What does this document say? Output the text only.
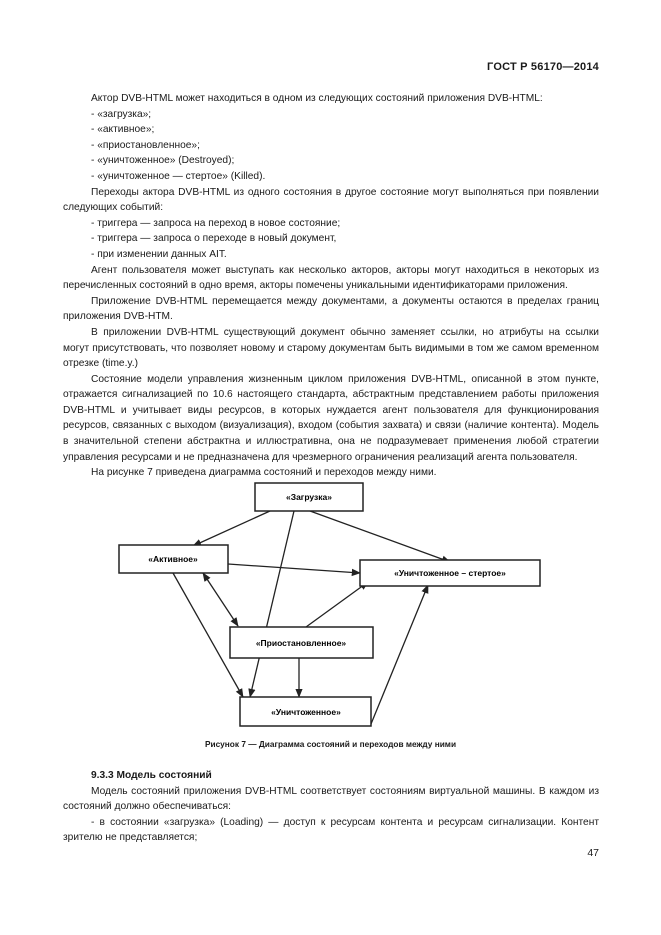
ГОСТ Р 56170—2014

Актор DVB-HTML может находиться в одном из следующих состояний приложения DVB-HTML:

- «загрузка»;

- «активное»;

- «приостановленное»;

- «уничтоженное» (Destroyed);

- «уничтоженное — стертое» (Killed).

Переходы актора DVB-HTML из одного состояния в другое состояние могут выполняться при появлении следующих событий:

- триггера — запроса на переход в новое состояние;

- триггера — запроса о переходе в новый документ,

- при изменении данных AIT.

Агент пользователя может выступать как несколько акторов, акторы могут находиться в некоторых из перечисленных состояний в одно время, акторы помечены уникальными идентификаторами приложения.

Приложение DVB-HTML перемещается между документами, а документы остаются в пределах границ приложения DVB-HTM.

В приложении DVB-HTML существующий документ обычно заменяет ссылки, но атрибуты на ссылки могут присутствовать, что позволяет новому и старому документам быть видимыми в том же самом временном отрезке (time.y.)

Состояние модели управления жизненным циклом приложения DVB-HTML, описанной в этом пункте, отражается сигнализацией по 10.6 настоящего стандарта, абстрактным представлением работы приложения DVB-HTML и учитывает виды ресурсов, в которых нуждается агент пользователя для функционирования ресурсов, связанных с выходом (визуализация), входом (события захвата) и связи (наличие контента). Модель в значительной степени абстрактна и иллюстративна, она не подразумевает применения любой стратегии управления ресурсами и не предназначена для чрезмерного ограничения реализаций агента пользователя.

На рисунке 7 приведена диаграмма состояний и переходов между ними.

«Загрузка»
«Активное»
«Уничтоженное – стертое»
«Приостановленное»
«Уничтоженное»
Рисунок 7 — Диаграмма состояний и переходов между ними

9.3.3 Модель состояний

Модель состояний приложения DVB-HTML соответствует состояниям виртуальной машины. В каждом из состояний должно обеспечиваться:

- в состоянии «загрузка» (Loading) — доступ к ресурсам контента и ресурсам сигнализации. Контент зрителю не представляется;

47
